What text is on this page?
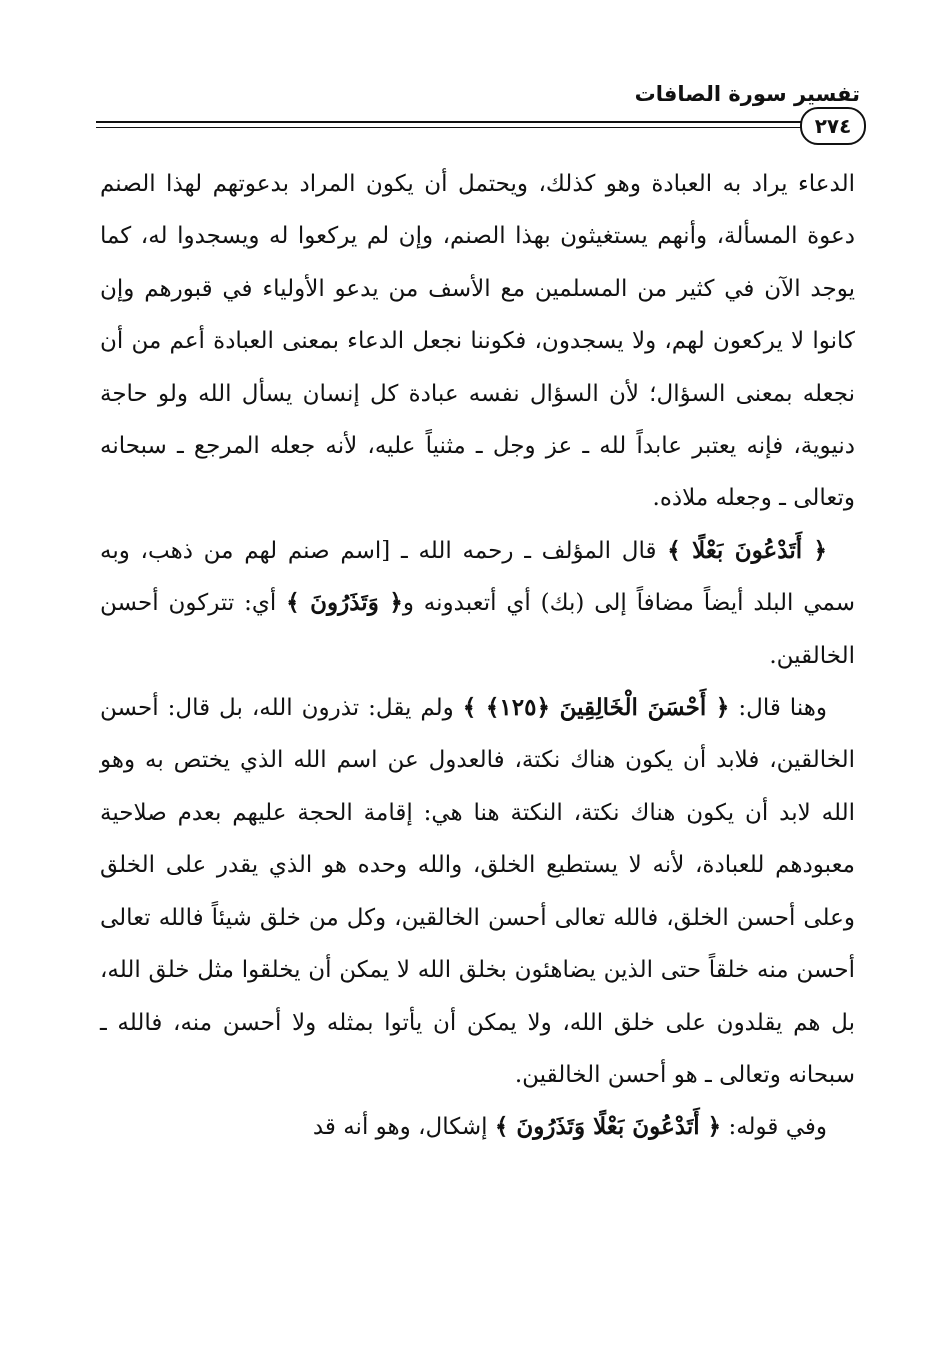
تفسير سورة الصافات
٢٧٤

الدعاء يراد به العبادة وهو كذلك، ويحتمل أن يكون المراد بدعوتهم لهذا الصنم دعوة المسألة، وأنهم يستغيثون بهذا الصنم، وإن لم يركعوا له ويسجدوا له، كما يوجد الآن في كثير من المسلمين مع الأسف من يدعو الأولياء في قبورهم وإن كانوا لا يركعون لهم، ولا يسجدون، فكوننا نجعل الدعاء بمعنى العبادة أعم من أن نجعله بمعنى السؤال؛ لأن السؤال نفسه عبادة كل إنسان يسأل الله ولو حاجة دنيوية، فإنه يعتبر عابداً لله ـ عز وجل ـ مثنياً عليه، لأنه جعله المرجع ـ سبحانه وتعالى ـ وجعله ملاذه.

﴿ أَتَدْعُونَ بَعْلًا ﴾ قال المؤلف ـ رحمه الله ـ [اسم صنم لهم من ذهب، وبه سمي البلد أيضاً مضافاً إلى (بك) أي أتعبدونه و﴿ وَتَذَرُونَ ﴾ أي: تتركون أحسن الخالقين.

وهنا قال: ﴿ أَحْسَنَ الْخَالِقِينَ ﴿١٢٥﴾ ﴾ ولم يقل: تذرون الله، بل قال: أحسن الخالقين، فلابد أن يكون هناك نكتة، فالعدول عن اسم الله الذي يختص به وهو الله لابد أن يكون هناك نكتة، النكتة هنا هي: إقامة الحجة عليهم بعدم صلاحية معبودهم للعبادة، لأنه لا يستطيع الخلق، والله وحده هو الذي يقدر على الخلق وعلى أحسن الخلق، فالله تعالى أحسن الخالقين، وكل من خلق شيئاً فالله تعالى أحسن منه خلقاً حتى الذين يضاهئون بخلق الله لا يمكن أن يخلقوا مثل خلق الله، بل هم يقلدون على خلق الله، ولا يمكن أن يأتوا بمثله ولا أحسن منه، فالله ـ سبحانه وتعالى ـ هو أحسن الخالقين.

وفي قوله: ﴿ أَتَدْعُونَ بَعْلًا وَتَذَرُونَ ﴾ إشكال، وهو أنه قد
